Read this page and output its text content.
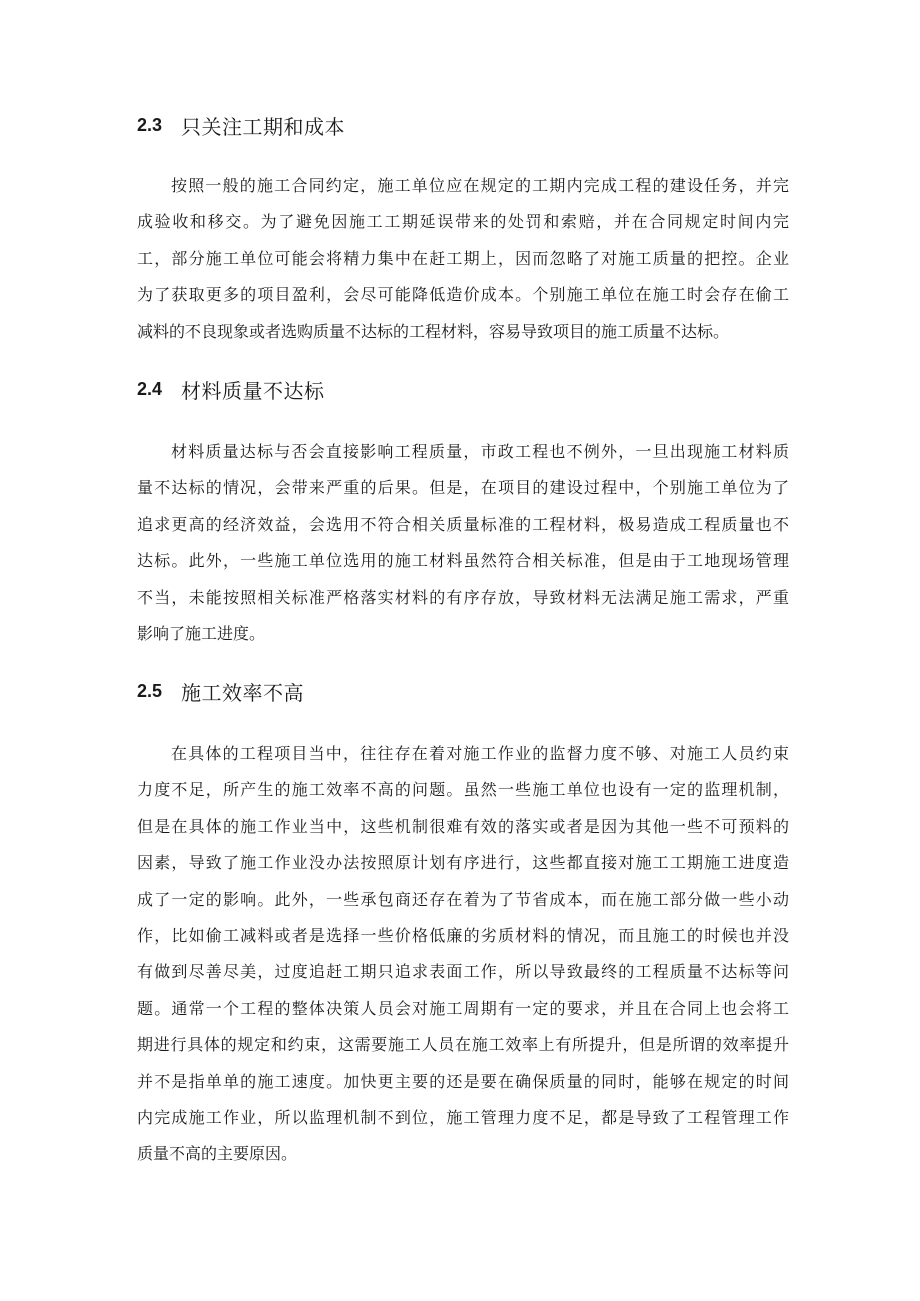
2.3 只关注工期和成本
按照一般的施工合同约定，施工单位应在规定的工期内完成工程的建设任务，并完
成验收和移交。为了避免因施工工期延误带来的处罚和索赔，并在合同规定时间内完
工，部分施工单位可能会将精力集中在赶工期上，因而忽略了对施工质量的把控。企业
为了获取更多的项目盈利，会尽可能降低造价成本。个别施工单位在施工时会存在偷工
减料的不良现象或者选购质量不达标的工程材料，容易导致项目的施工质量不达标。
2.4 材料质量不达标
材料质量达标与否会直接影响工程质量，市政工程也不例外，一旦出现施工材料质
量不达标的情况，会带来严重的后果。但是，在项目的建设过程中，个别施工单位为了
追求更高的经济效益，会选用不符合相关质量标准的工程材料，极易造成工程质量也不
达标。此外，一些施工单位选用的施工材料虽然符合相关标准，但是由于工地现场管理
不当，未能按照相关标准严格落实材料的有序存放，导致材料无法满足施工需求，严重
影响了施工进度。
2.5 施工效率不高
在具体的工程项目当中，往往存在着对施工作业的监督力度不够、对施工人员约束
力度不足，所产生的施工效率不高的问题。虽然一些施工单位也设有一定的监理机制，
但是在具体的施工作业当中，这些机制很难有效的落实或者是因为其他一些不可预料的
因素，导致了施工作业没办法按照原计划有序进行，这些都直接对施工工期施工进度造
成了一定的影响。此外，一些承包商还存在着为了节省成本，而在施工部分做一些小动
作，比如偷工减料或者是选择一些价格低廉的劣质材料的情况，而且施工的时候也并没
有做到尽善尽美，过度追赶工期只追求表面工作，所以导致最终的工程质量不达标等问
题。通常一个工程的整体决策人员会对施工周期有一定的要求，并且在合同上也会将工
期进行具体的规定和约束，这需要施工人员在施工效率上有所提升，但是所谓的效率提升
并不是指单单的施工速度。加快更主要的还是要在确保质量的同时，能够在规定的时间
内完成施工作业，所以监理机制不到位，施工管理力度不足，都是导致了工程管理工作
质量不高的主要原因。
